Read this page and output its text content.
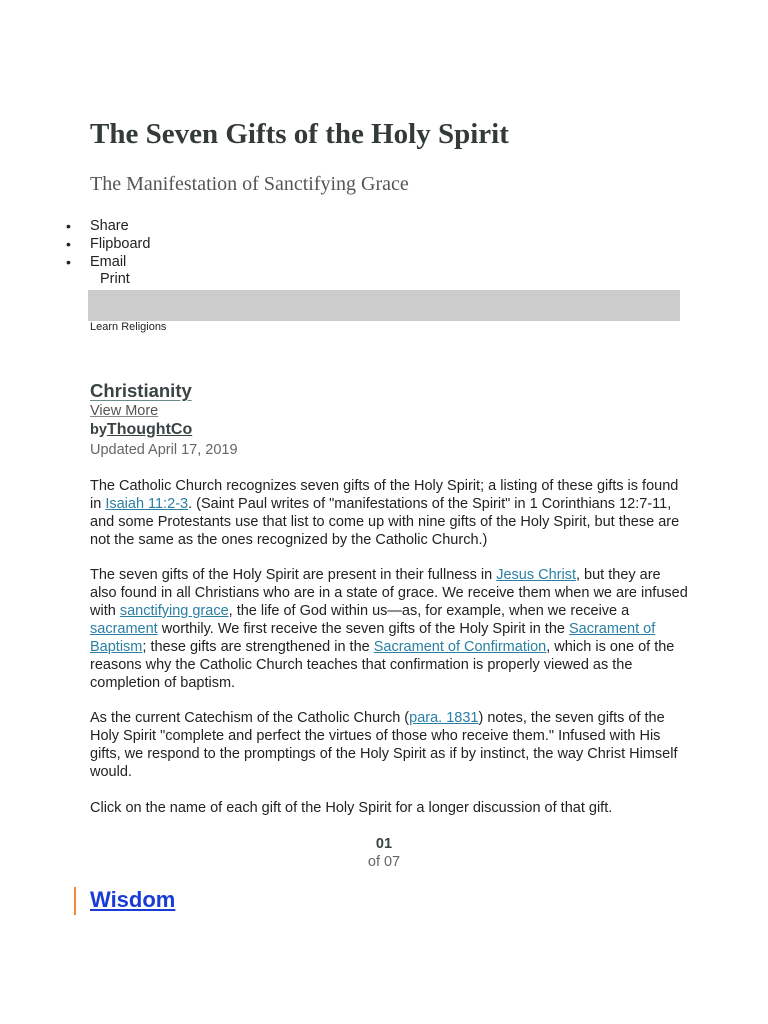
The Seven Gifts of the Holy Spirit
The Manifestation of Sanctifying Grace
• Share
• Flipboard
• Email
Print
Learn Religions
Christianity
View More
byThoughtCo
Updated April 17, 2019

The Catholic Church recognizes seven gifts of the Holy Spirit; a listing of these gifts is found in Isaiah 11:2-3. (Saint Paul writes of "manifestations of the Spirit" in 1 Corinthians 12:7-11, and some Protestants use that list to come up with nine gifts of the Holy Spirit, but these are not the same as the ones recognized by the Catholic Church.)

The seven gifts of the Holy Spirit are present in their fullness in Jesus Christ, but they are also found in all Christians who are in a state of grace. We receive them when we are infused with sanctifying grace, the life of God within us—as, for example, when we receive a sacrament worthily. We first receive the seven gifts of the Holy Spirit in the Sacrament of Baptism; these gifts are strengthened in the Sacrament of Confirmation, which is one of the reasons why the Catholic Church teaches that confirmation is properly viewed as the completion of baptism.

As the current Catechism of the Catholic Church (para. 1831) notes, the seven gifts of the Holy Spirit "complete and perfect the virtues of those who receive them." Infused with His gifts, we respond to the promptings of the Holy Spirit as if by instinct, the way Christ Himself would.

Click on the name of each gift of the Holy Spirit for a longer discussion of that gift.

01
of 07
Wisdom
